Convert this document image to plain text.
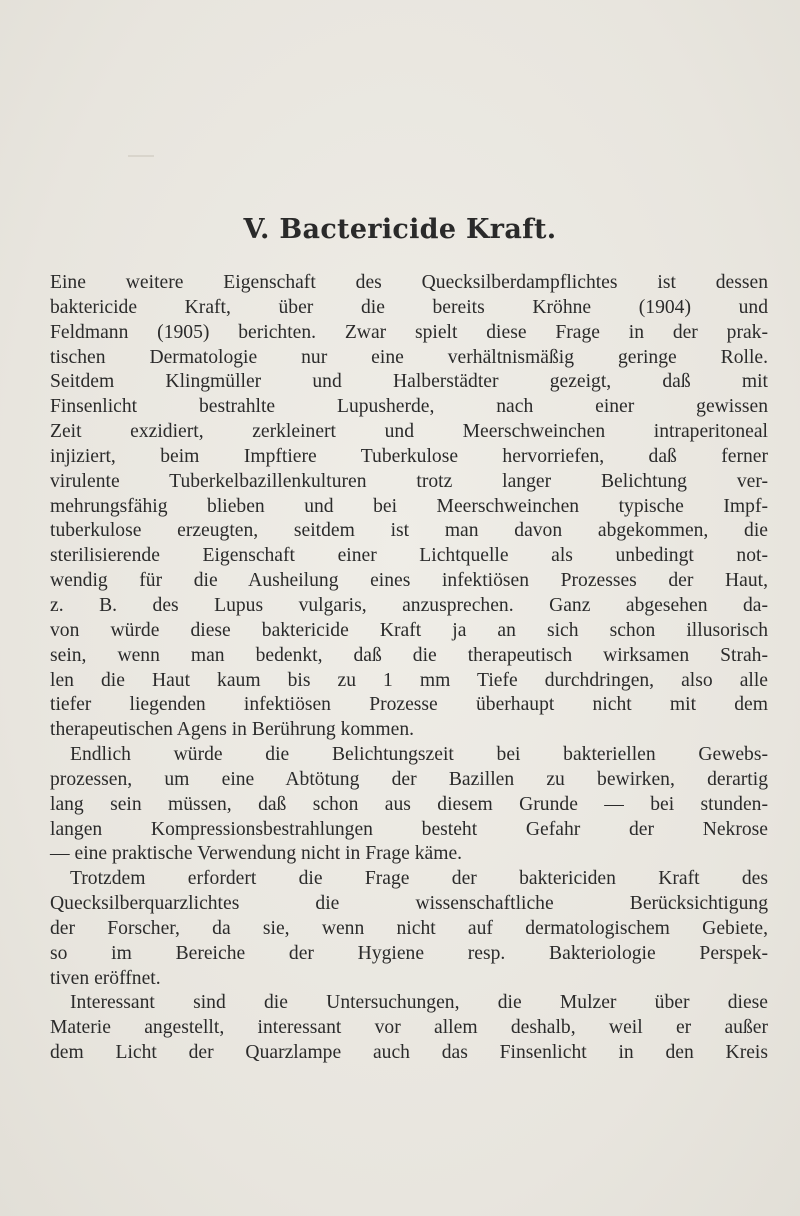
V. Bactericide Kraft.
Eine weitere Eigenschaft des Quecksilberdampflichtes ist dessen
baktericide Kraft, über die bereits Kröhne (1904) und
Feldmann (1905) berichten. Zwar spielt diese Frage in der prak-
tischen Dermatologie nur eine verhältnismäßig geringe Rolle.
Seitdem Klingmüller und Halberstädter gezeigt, daß mit
Finsenlicht bestrahlte Lupusherde, nach einer gewissen
Zeit exzidiert, zerkleinert und Meerschweinchen intraperitoneal
injiziert, beim Impftiere Tuberkulose hervorriefen, daß ferner
virulente Tuberkelbazillenkulturen trotz langer Belichtung ver-
mehrungsfähig blieben und bei Meerschweinchen typische Impf-
tuberkulose erzeugten, seitdem ist man davon abgekommen, die
sterilisierende Eigenschaft einer Lichtquelle als unbedingt not-
wendig für die Ausheilung eines infektiösen Prozesses der Haut,
z. B. des Lupus vulgaris, anzusprechen. Ganz abgesehen da-
von würde diese baktericide Kraft ja an sich schon illusorisch
sein, wenn man bedenkt, daß die therapeutisch wirksamen Strah-
len die Haut kaum bis zu 1 mm Tiefe durchdringen, also alle
tiefer liegenden infektiösen Prozesse überhaupt nicht mit dem
therapeutischen Agens in Berührung kommen.
Endlich würde die Belichtungszeit bei bakteriellen Gewebs-
prozessen, um eine Abtötung der Bazillen zu bewirken, derartig
lang sein müssen, daß schon aus diesem Grunde — bei stunden-
langen Kompressionsbestrahlungen besteht Gefahr der Nekrose
— eine praktische Verwendung nicht in Frage käme.
Trotzdem erfordert die Frage der baktericiden Kraft des
Quecksilberquarzlichtes die wissenschaftliche Berücksichtigung
der Forscher, da sie, wenn nicht auf dermatologischem Gebiete,
so im Bereiche der Hygiene resp. Bakteriologie Perspek-
tiven eröffnet.
Interessant sind die Untersuchungen, die Mulzer über diese
Materie angestellt, interessant vor allem deshalb, weil er außer
dem Licht der Quarzlampe auch das Finsenlicht in den Kreis
